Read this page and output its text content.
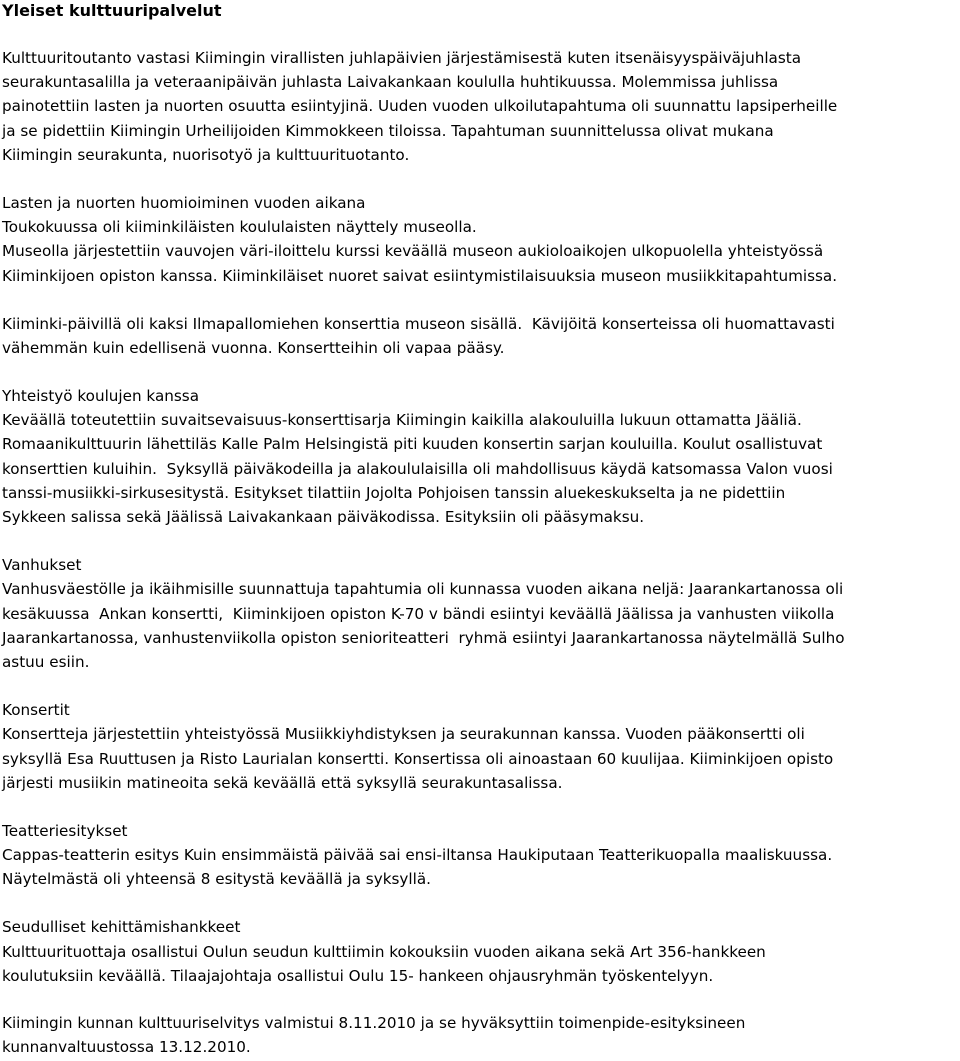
Yleiset kulttuuripalvelut
Kulttuuritoutanto vastasi Kiimingin virallisten juhlapäivien järjestämisestä kuten itsenäisyyspäiväjuhlasta
seurakuntasalilla ja veteraanipäivän juhlasta Laivakankaan koululla huhtikuussa. Molemmissa juhlissa
painotettiin lasten ja nuorten osuutta esiintyjinä. Uuden vuoden ulkoilutapahtuma oli suunnattu lapsiperheille
ja se pidettiin Kiimingin Urheilijoiden Kimmokkeen tiloissa. Tapahtuman suunnittelussa olivat mukana
Kiimingin seurakunta, nuorisotyö ja kulttuurituotanto.
Lasten ja nuorten huomioiminen vuoden aikana
Toukokuussa oli kiiminkiläisten koululaisten näyttely museolla.
Museolla järjestettiin vauvojen väri-iloittelu kurssi keväällä museon aukioloaikojen ulkopuolella yhteistyössä
Kiiminkijoen opiston kanssa. Kiiminkiläiset nuoret saivat esiintymistilaisuuksia museon musiikkitapahtumissa.
Kiiminki-päivillä oli kaksi Ilmapallomiehen konserttia museon sisällä.  Kävijöitä konserteissa oli huomattavasti
vähemmän kuin edellisenä vuonna. Konsertteihin oli vapaa pääsy.
Yhteistyö koulujen kanssa
Keväällä toteutettiin suvaitsevaisuus-konserttisarja Kiimingin kaikilla alakouluilla lukuun ottamatta Jääliä.
Romaanikulttuurin lähettiläs Kalle Palm Helsingistä piti kuuden konsertin sarjan kouluilla. Koulut osallistuvat
konserttien kuluihin.  Syksyllä päiväkodeilla ja alakoululaisilla oli mahdollisuus käydä katsomassa Valon vuosi
tanssi-musiikki-sirkusesitystä. Esitykset tilattiin Jojolta Pohjoisen tanssin aluekeskukselta ja ne pidettiin
Sykkeen salissa sekä Jäälissä Laivakankaan päiväkodissa. Esityksiin oli pääsymaksu.
Vanhukset
Vanhusväestölle ja ikäihmisille suunnattuja tapahtumia oli kunnassa vuoden aikana neljä: Jaarankartanossa oli
kesäkuussa  Ankan konsertti,  Kiiminkijoen opiston K-70 v bändi esiintyi keväällä Jäälissa ja vanhusten viikolla
Jaarankartanossa, vanhustenviikolla opiston senioriteatteri  ryhmä esiintyi Jaarankartanossa näytelmällä Sulho
astuu esiin.
Konsertit
Konsertteja järjestettiin yhteistyössä Musiikkiyhdistyksen ja seurakunnan kanssa. Vuoden pääkonsertti oli
syksyllä Esa Ruuttusen ja Risto Laurialan konsertti. Konsertissa oli ainoastaan 60 kuulijaa. Kiiminkijoen opisto
järjesti musiikin matineoita sekä keväällä että syksyllä seurakuntasalissa.
Teatteriesitykset
Cappas-teatterin esitys Kuin ensimmäistä päivää sai ensi-iltansa Haukiputaan Teatterikuopalla maaliskuussa.
Näytelmästä oli yhteensä 8 esitystä keväällä ja syksyllä.
Seudulliset kehittämishankkeet
Kulttuurituottaja osallistui Oulun seudun kulttiimin kokouksiin vuoden aikana sekä Art 356-hankkeen
koulutuksiin keväällä. Tilaajajohtaja osallistui Oulu 15- hankeen ohjausryhmän työskentelyyn.
Kiimingin kunnan kulttuuriselvitys valmistui 8.11.2010 ja se hyväksyttiin toimenpide-esityksineen
kunnanvaltuustossa 13.12.2010.
